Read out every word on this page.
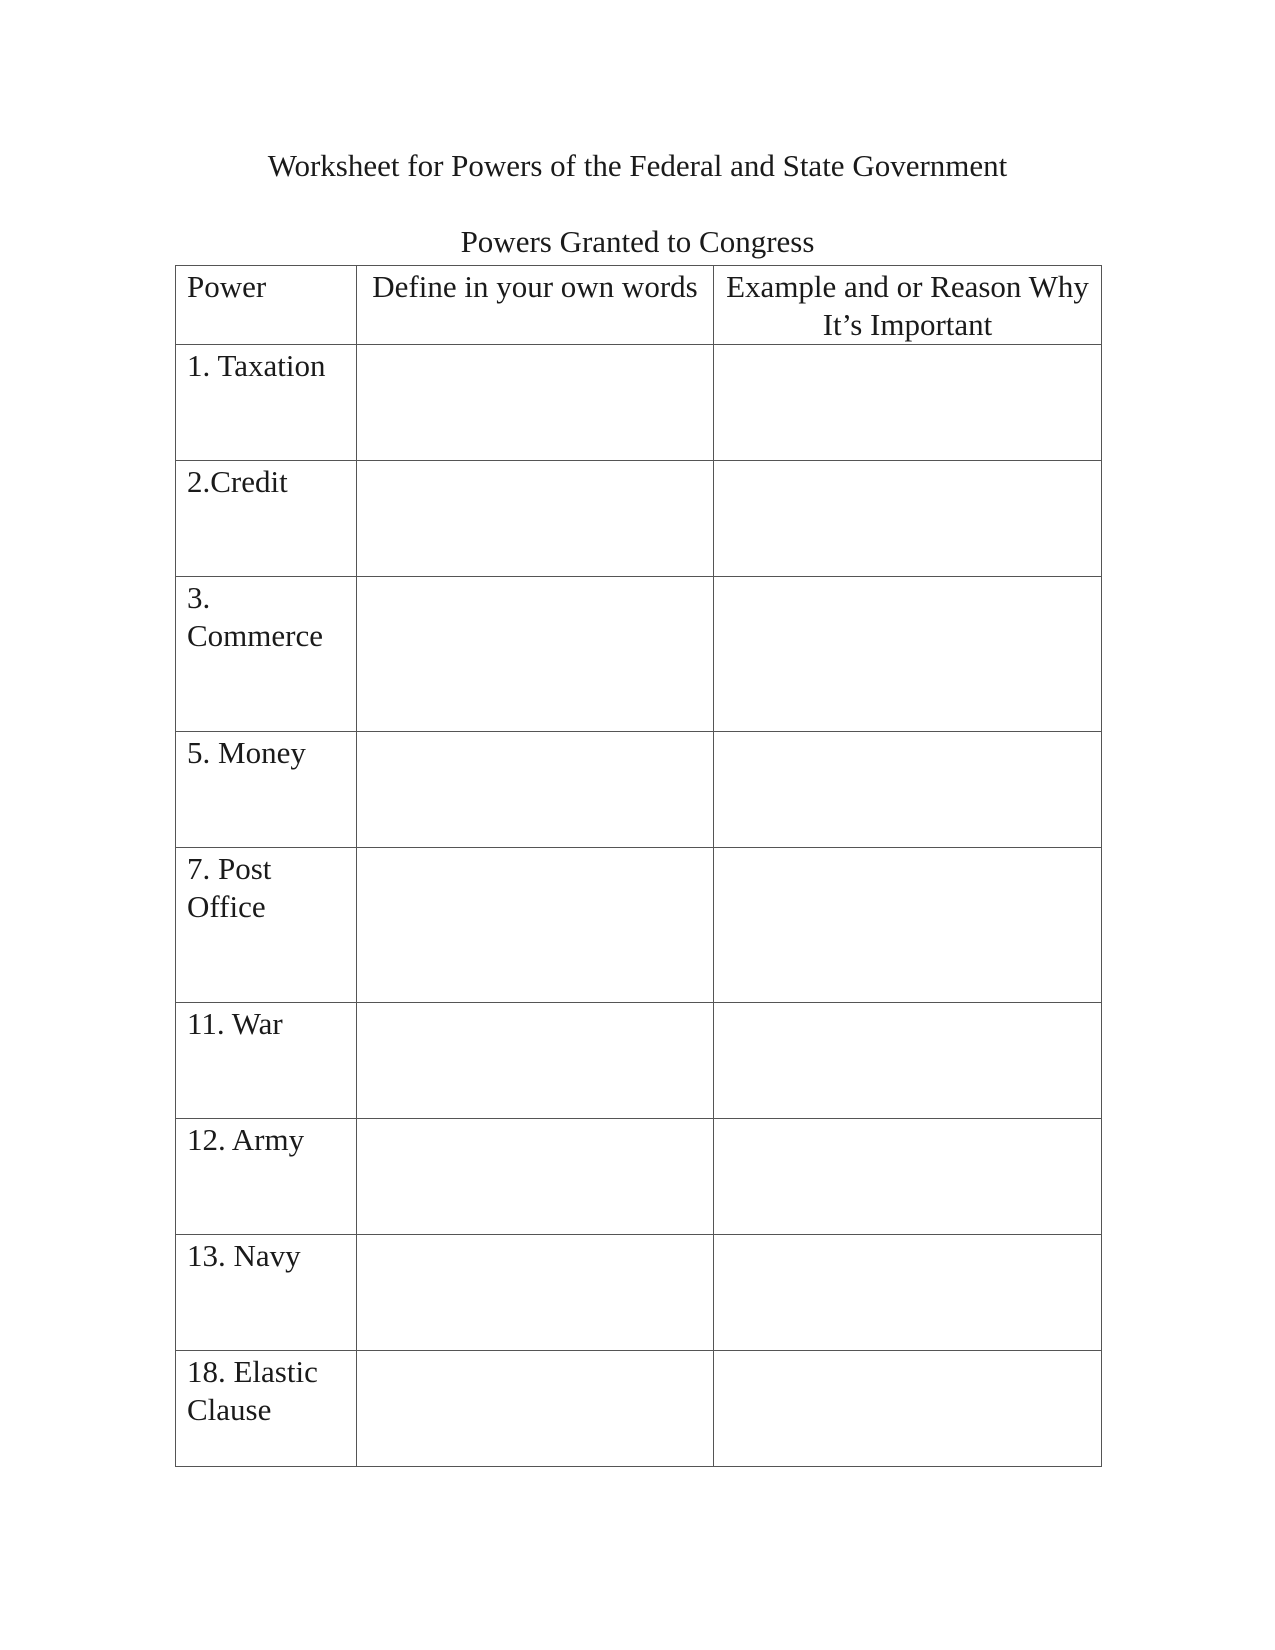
Worksheet for Powers of the Federal and State Government
Powers Granted to Congress
Power	Define in your own words	Example and or Reason Why It’s Important
1. Taxation		
2.Credit		
3. Commerce		
5. Money		
7. Post Office		
11. War		
12. Army		
13. Navy		
18. Elastic Clause		
